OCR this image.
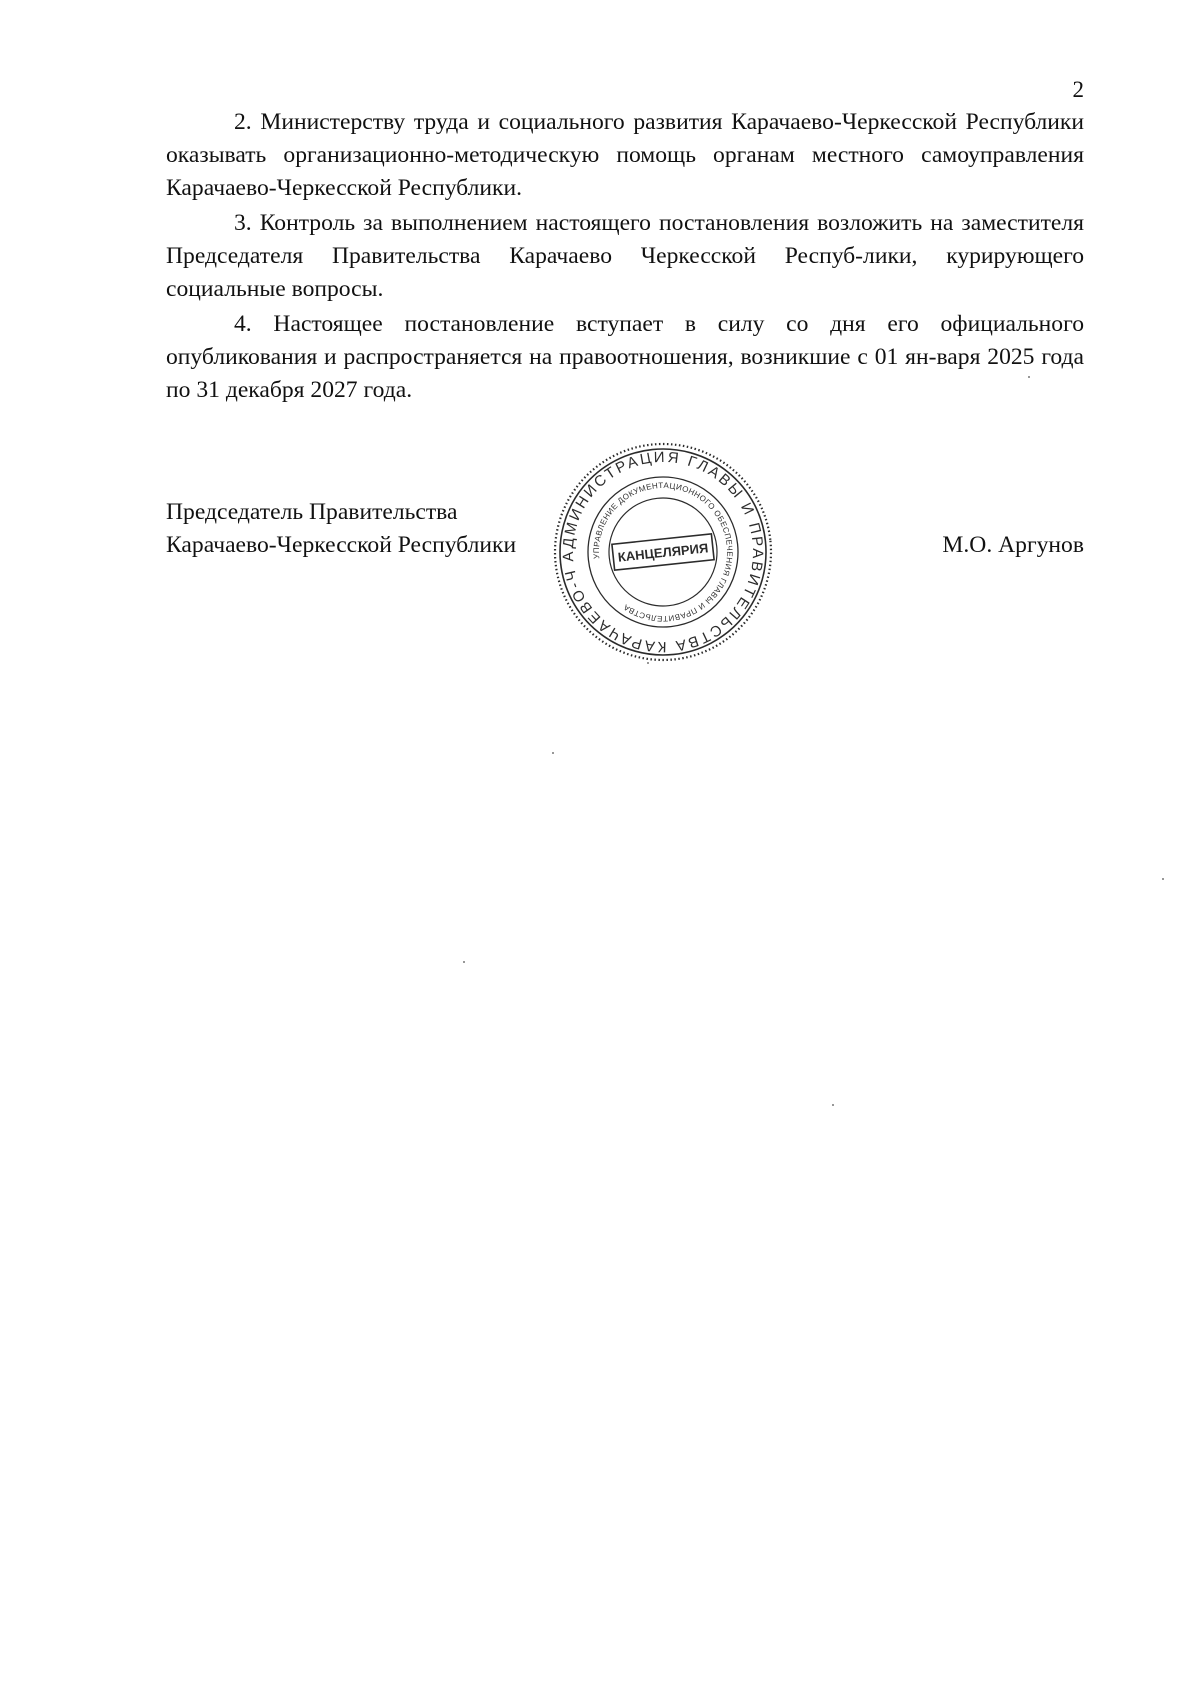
2

2. Министерству труда и социального развития Карачаево-Черкесской Республики оказывать организационно-методическую помощь органам местного самоуправления Карачаево-Черкесской Республики.

3. Контроль за выполнением настоящего постановления возложить на заместителя Председателя Правительства Карачаево Черкесской Респуб-лики, курирующего социальные вопросы.

4. Настоящее постановление вступает в силу со дня его официального опубликования и распространяется на правоотношения, возникшие с 01 ян-варя 2025 года по 31 декабря 2027 года.

Председатель Правительства
Карачаево-Черкесской Республики	М.О. Аргунов
АДМИНИСТРАЦИЯ ГЛАВЫ И ПРАВИТЕЛЬСТВА КАРАЧАЕВО-ЧЕРКЕССКОЙ РЕСПУБЛИКИ
УПРАВЛЕНИЕ ДОКУМЕНТАЦИОННОГО ОБЕСПЕЧЕНИЯ ГЛАВЫ И ПРАВИТЕЛЬСТВА
КАНЦЕЛЯРИЯ
